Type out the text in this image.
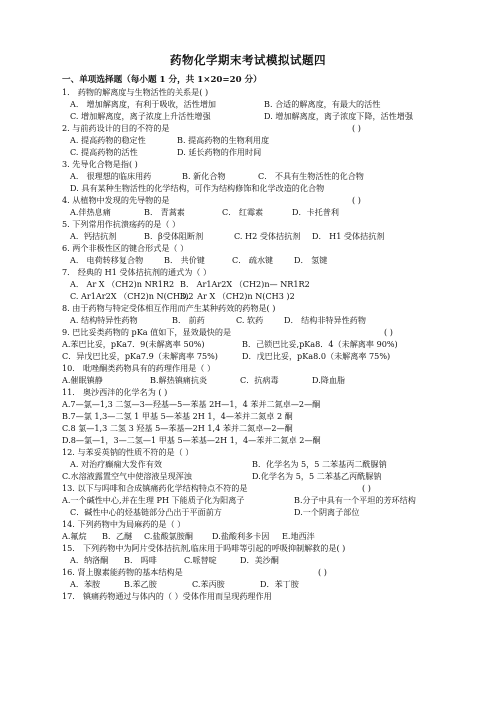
药物化学期末考试模拟试题四
一、单项选择题（每小题 1 分，共 1×20=20 分）
1． 药物的解离度与生物活性的关系是( )
A． 增加解离度，有利于吸收，活性增加	B. 合适的解离度，有最大的活性
C. 增加解离度，离子浓度上升活性增强	D. 增加解离度，离子浓度下降，活性增强
2. 与前药设计的目的不符的是	( )
A. 提高药物的稳定性	B. 提高药物的生物利用度
C. 提高药物的活性	D. 延长药物的作用时间
3. 先导化合物是指( )
A． 很理想的临床用药	B. 新化合物	C． 不具有生物活性的化合物
D. 具有某种生物活性的化学结构，可作为结构修饰和化学改造的化合物
4. 从植物中发现的先导物的是	( )
A.伴热息痛	B． 青蒿素	C． 红霉素	D．卡托普利
5. 下列常用作抗溃疡药的是（ ）
A．钙拮抗剂	B．β受体阻断剂	C. H2 受体拮抗剂 D． H1 受体拮抗剂
6. 两个非极性区的键合形式是（ ）
A． 电荷转移复合物	B． 共价键	C． 疏水键	D． 氢键
7． 经典的 H1 受体拮抗剂的通式为（ ）
A． Ar X （CH2)n NR1R2 B． Ar1Ar2X （CH2)n— NR1R2
C. Ar1Ar2X （CH2)n N(CH3)2
D． Ar X （CH2)n N(CH3 )2
8. 由于药物与特定受体相互作用而产生某种药效的药物是( )
A. 结构特异性药物	B． 前药	C. 软药	D． 结构非特异性药物
9. 巴比妥类药物的 pKa 值如下，显效最快的是	( )
A.苯巴比妥，pKa7．9(未解离率 50%)	B．己锁巴比妥,pKa8．4（未解离率 90%)
C．异戊巴比妥，pKa7.9（未解离率 75%)	D．戊巴比妥，pKa8.0（未解离率 75%)
10． 吡唑酮类药物具有的药理作用是（ ）
A.催眠镇静	B.解热镇痛抗炎	C．抗病毒	D.降血脂
11． 奥沙西泮的化学名为 ( )
A.7—氯—1,3 二氢—3—羟基—5—苯基 2H—1，4 苯并二氮卓—2—酮
B.7—氯 1,3—二氢 1 甲基 5—苯基 2H 1，4—苯并二氮卓 2 酮
C.8 氯—1,3 二氢 3 羟基 5—苯基—2H 1,4 苯并二氮卓—2—酮
D.8—氯—1，3—二氢—1 甲基 5—苯基—2H 1，4—苯并二氮卓 2—酮
12. 与苯妥英钠的性质不符的是（ ）
A. 对治疗癫痫大发作有效	B．化学名为 5，5 二苯基丙二酰脲钠
C.水溶液露置空气中使溶液呈现浑浊	D.化学名为 5，5 二苯基乙丙酰脲钠
13. 以下与吗啡和合成镇痛药化学结构特点不符的是	( )
A.一个碱性中心,并在生理 PH 下能质子化为阳离子	B.分子中具有一个平坦的芳环结构
C．碱性中心的烃基链部分凸出于平面前方	D.一个阴离子部位
14. 下列药物中为局麻药的是（ ）
A.氟烷 B．乙醚 C.盐酸氯胺酮 D.盐酸利多卡因 E.地西泮
15． 下列药物中为阿片受体拮抗剂,临床用于吗啡等引起的呼吸抑制解救的是( )
A．纳洛酮 B． 吗啡	C.哌替啶	D．美沙酮
16. 肾上腺素能药物的基本结构是	( )
A．苯胺	B.苯乙胺	C.苯丙胺	D．苯丁胺
17． 镇痛药物通过与体内的（ ）受体作用而呈现药理作用
